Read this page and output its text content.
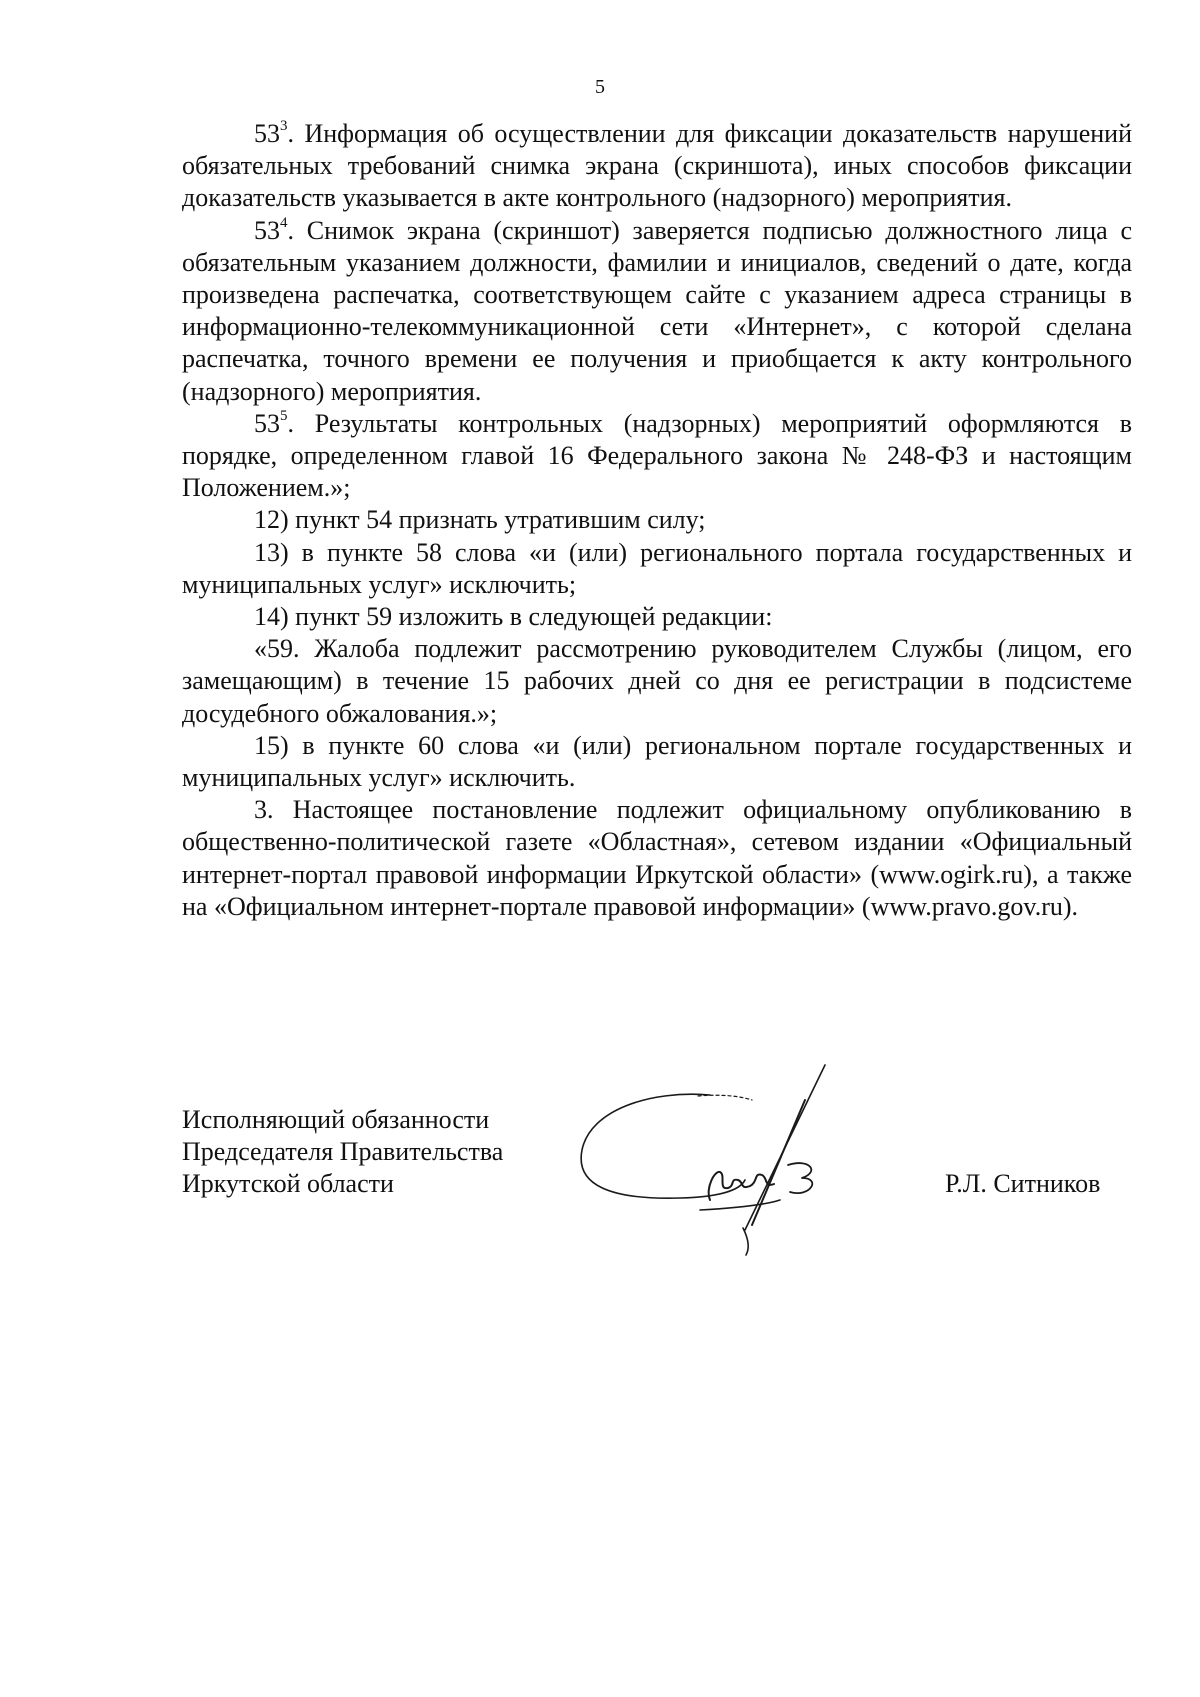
5

$53^3$. Информация об осуществлении для фиксации доказательств нарушений обязательных требований снимка экрана (скриншота), иных способов фиксации доказательств указывается в акте контрольного (надзорного) мероприятия.

$53^4$. Снимок экрана (скриншот) заверяется подписью должностного лица с обязательным указанием должности, фамилии и инициалов, сведений о дате, когда произведена распечатка, соответствующем сайте с указанием адреса страницы в информационно-телекоммуникационной сети «Интернет», с которой сделана распечатка, точного времени ее получения и приобщается к акту контрольного (надзорного) мероприятия.

$53^5$. Результаты контрольных (надзорных) мероприятий оформляются в порядке, определенном главой 16 Федерального закона № 248-ФЗ и настоящим Положением.»;

12) пункт 54 признать утратившим силу;

13) в пункте 58 слова «и (или) регионального портала государственных и муниципальных услуг» исключить;

14) пункт 59 изложить в следующей редакции:

«59. Жалоба подлежит рассмотрению руководителем Службы (лицом, его замещающим) в течение 15 рабочих дней со дня ее регистрации в подсистеме досудебного обжалования.»;

15) в пункте 60 слова «и (или) региональном портале государственных и муниципальных услуг» исключить.

3. Настоящее постановление подлежит официальному опубликованию в общественно-политической газете «Областная», сетевом издании «Официальный интернет-портал правовой информации Иркутской области» (www.ogirk.ru), а также на «Официальном интернет-портале правовой информации» (www.pravo.gov.ru).

Исполняющий обязанности
Председателя Правительства
Иркутской области	Р.Л. Ситников
